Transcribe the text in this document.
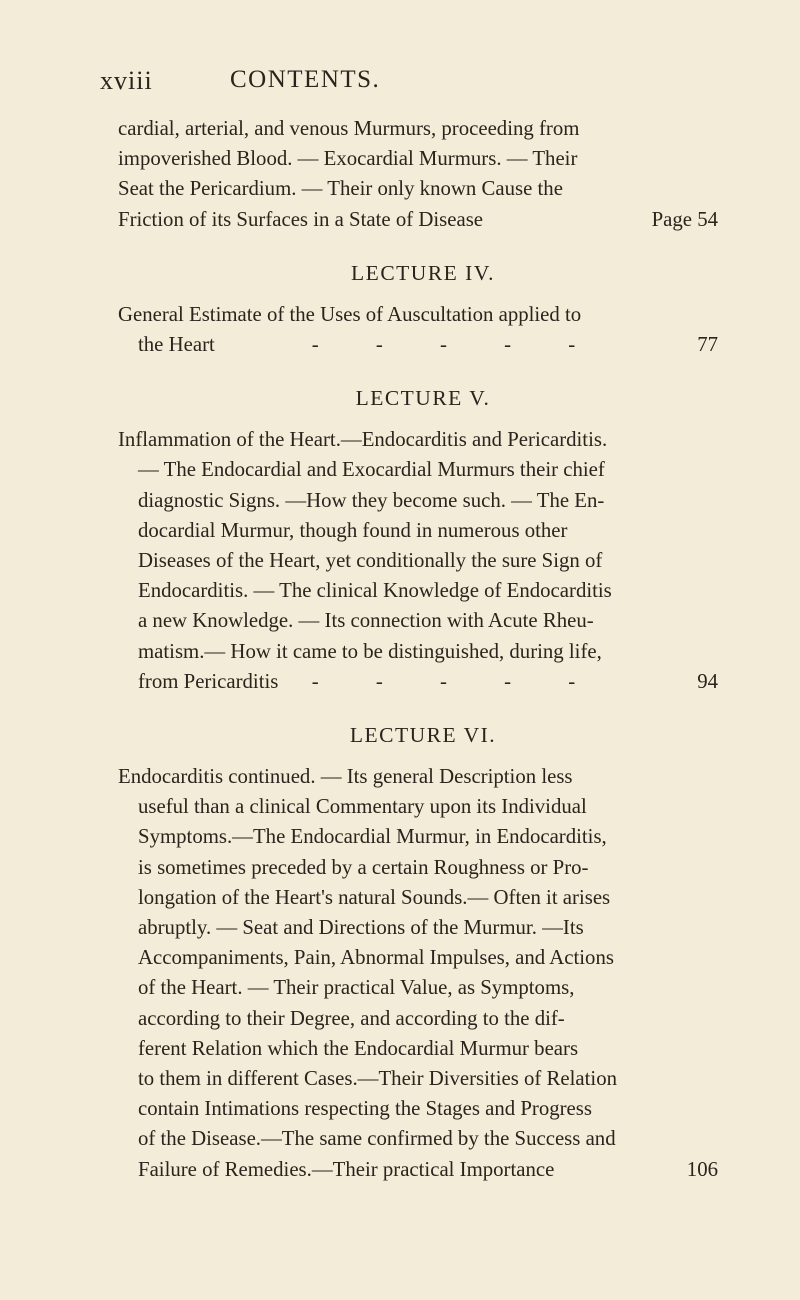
xviii	CONTENTS.
cardial, arterial, and venous Murmurs, proceeding from
impoverished Blood. — Exocardial Murmurs. — Their
Seat the Pericardium. — Their only known Cause the
Friction of its Surfaces in a State of Disease	Page 54
LECTURE IV.
General Estimate of the Uses of Auscultation applied to
the Heart	- - - - -	77
LECTURE V.
Inflammation of the Heart.—Endocarditis and Pericarditis.
— The Endocardial and Exocardial Murmurs their chief
diagnostic Signs. —How they become such. — The En-
docardial Murmur, though found in numerous other
Diseases of the Heart, yet conditionally the sure Sign of
Endocarditis. — The clinical Knowledge of Endocarditis
a new Knowledge. — Its connection with Acute Rheu-
matism.— How it came to be distinguished, during life,
from Pericarditis - - - - -	94
LECTURE VI.
Endocarditis continued. — Its general Description less
useful than a clinical Commentary upon its Individual
Symptoms.—The Endocardial Murmur, in Endocarditis,
is sometimes preceded by a certain Roughness or Pro-
longation of the Heart's natural Sounds.— Often it arises
abruptly. — Seat and Directions of the Murmur. —Its
Accompaniments, Pain, Abnormal Impulses, and Actions
of the Heart. — Their practical Value, as Symptoms,
according to their Degree, and according to the dif-
ferent Relation which the Endocardial Murmur bears
to them in different Cases.—Their Diversities of Relation
contain Intimations respecting the Stages and Progress
of the Disease.—The same confirmed by the Success and
Failure of Remedies.—Their practical Importance	106
